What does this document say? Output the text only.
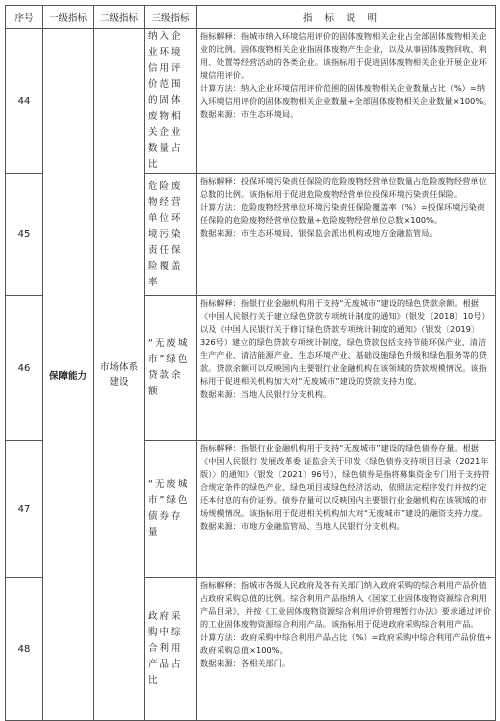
序号	一级指标	二级指标	三级指标	指标说明
44	保障能力	市场体系建设	纳入企业环境信用评价范围的固体废物相关企业数量占比	指标解释：指城市纳入环境信用评价的固体废物相关企业占全部固体废物相关企业的比例。固体废物相关企业指固体废物产生企业，以及从事固体废物回收、利用、处置等经营活动的各类企业。该指标用于促进固体废物相关企业开展企业环境信用评价。
计算方法：纳入企业环境信用评价范围的固体废物相关企业数量占比（%）=纳入环境信用评价的固体废物相关企业数量÷全部固体废物相关企业数量×100%。
数据来源：市生态环境局。

45			危险废物经营单位环境污染责任保险覆盖率	指标解释：投保环境污染责任保险的危险废物经营单位数量占危险废物经营单位总数的比例。该指标用于促进危险废物经营单位投保环境污染责任保险。
计算方法：危险废物经营单位环境污染责任保险覆盖率（%）=投保环境污染责任保险的危险废物经营单位数量÷危险废物经营单位总数×100%。
数据来源：市生态环境局、银保监会派出机构或地方金融监管局。

46			“无废城市”绿色贷款余额	指标解释：指银行业金融机构用于支持“无废城市”建设的绿色贷款余额。根据《中国人民银行关于建立绿色贷款专项统计制度的通知》（银发〔2018〕10号）以及《中国人民银行关于修订绿色贷款专项统计制度的通知》（银发〔2019〕326号）建立的绿色贷款专项统计制度，绿色贷款包括支持节能环保产业、清洁生产产业、清洁能源产业、生态环境产业、基础设施绿色升级和绿色服务等的贷款。贷款余额可以反映国内主要银行业金融机构在该领域的贷款规模情况。该指标用于促进相关机构加大对“无废城市”建设的贷款支持力度。
数据来源：当地人民银行分支机构。

47			“无废城市”绿色债券存量	指标解释：指银行业金融机构用于支持“无废城市”建设的绿色债券存量。根据《中国人民银行 发展改革委 证监会关于印发〈绿色债券支持项目目录（2021年版）〉的通知》（银发〔2021〕96号），绿色债券是指将募集资金专门用于支持符合规定条件的绿色产业、绿色项目或绿色经济活动，依照法定程序发行并按约定还本付息的有价证券。债券存量可以反映国内主要银行业金融机构在该领域的市场规模情况。该指标用于促进相关机构加大对“无废城市”建设的融资支持力度。
数据来源：市地方金融监管局、当地人民银行分支机构。

48			政府采购中综合利用产品占比	指标解释：指城市各级人民政府及各有关部门纳入政府采购的综合利用产品价值占政府采购总值的比例。综合利用产品指纳入《国家工业固体废物资源综合利用产品目录》，并按《工业固体废物资源综合利用评价管理暂行办法》要求通过评价的工业固体废物资源综合利用产品。该指标用于促进政府采购综合利用产品。
计算方法：政府采购中综合利用产品占比（%）=政府采购中综合利用产品价值÷政府采购总值×100%。
数据来源：各相关部门。
